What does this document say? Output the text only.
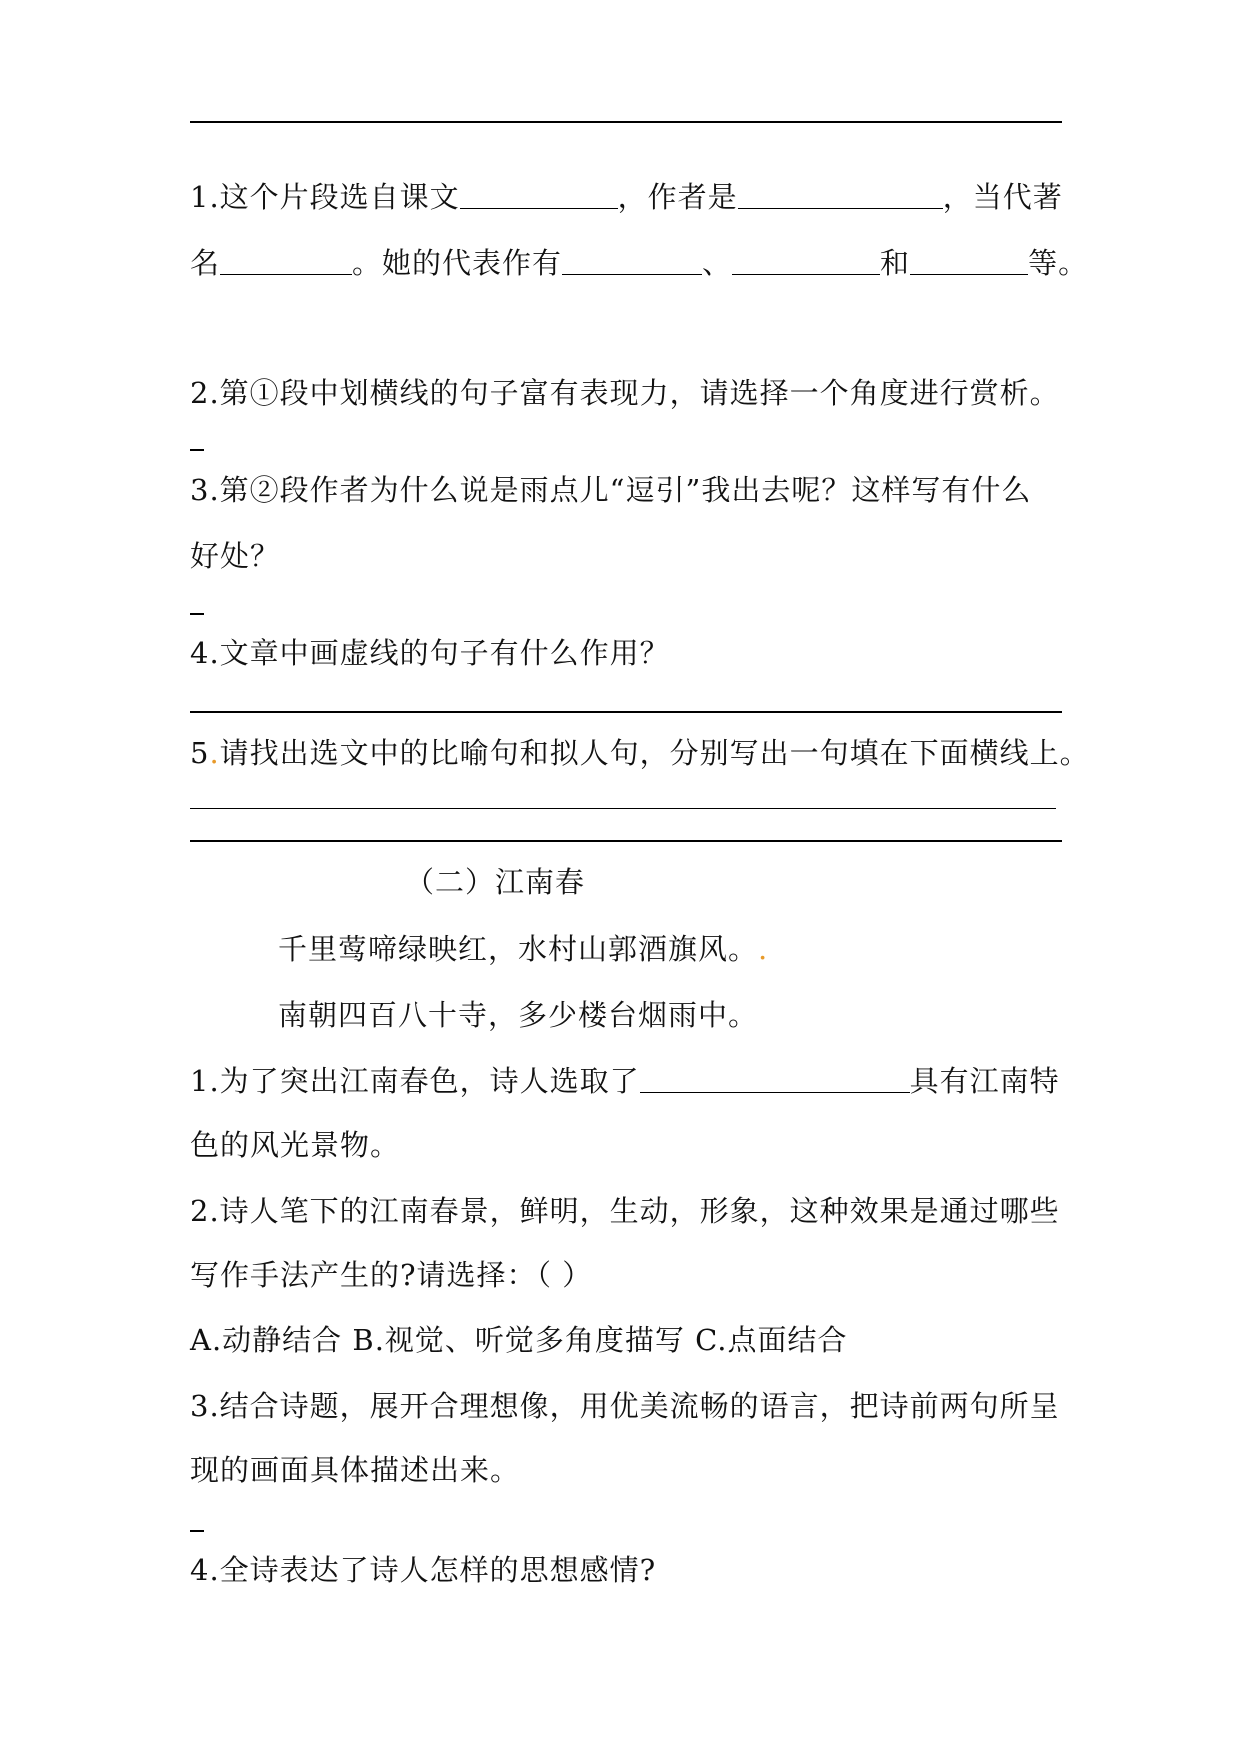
1.这个片段选自课文	，作者是	，当代著
名	。她的代表作有	、	和	等。
2.第①段中划横线的句子富有表现力，请选择一个角度进行赏析。
3.第②段作者为什么说是雨点儿“逗引”我出去呢？这样写有什么
好处？
4.文章中画虚线的句子有什么作用？
5.请找出选文中的比喻句和拟人句，分别写出一句填在下面横线上。
（二）江南春
千里莺啼绿映红，水村山郭酒旗风。.
南朝四百八十寺，多少楼台烟雨中。
1.为了突出江南春色，诗人选取了	具有江南特
色的风光景物。
2.诗人笔下的江南春景，鲜明，生动，形象，这种效果是通过哪些
写作手法产生的?请选择：（ ）
A.动静结合 B.视觉、听觉多角度描写 C.点面结合
3.结合诗题，展开合理想像，用优美流畅的语言，把诗前两句所呈
现的画面具体描述出来。
4.全诗表达了诗人怎样的思想感情?
